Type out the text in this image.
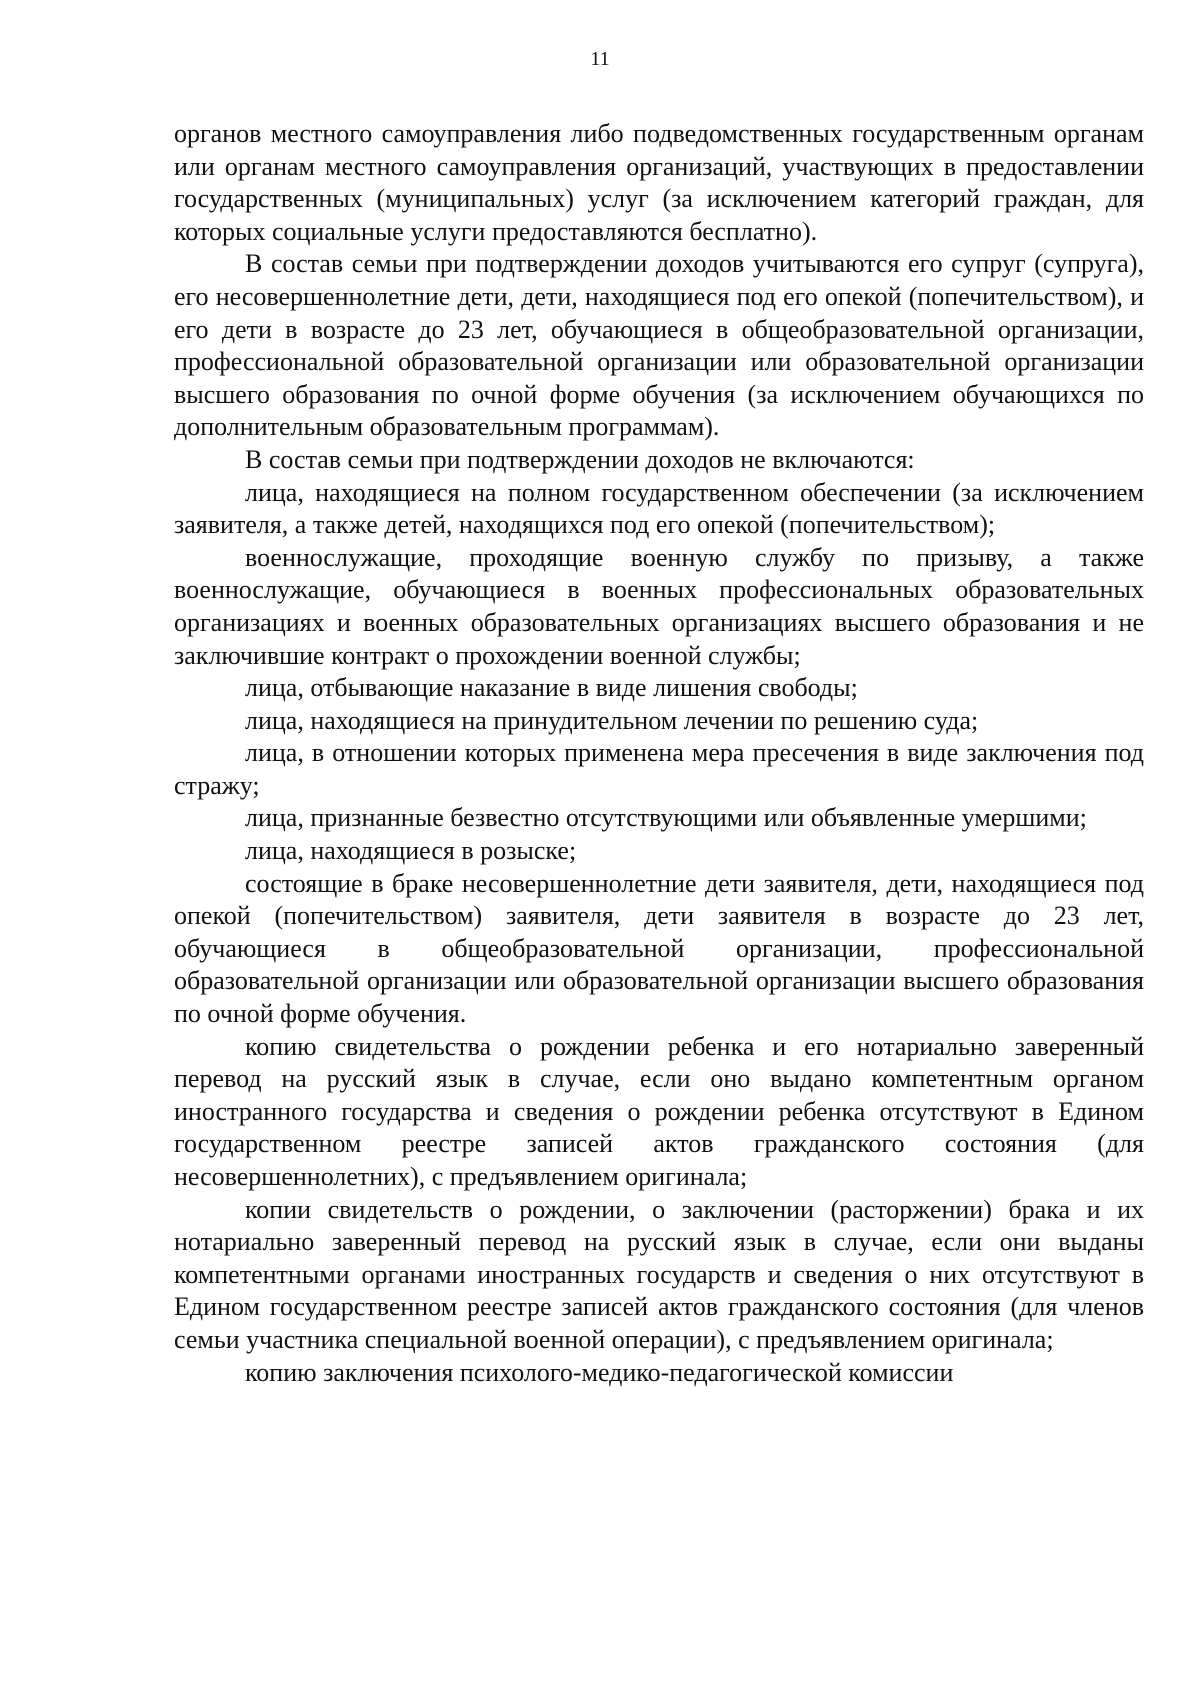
11

органов местного самоуправления либо подведомственных государственным органам или органам местного самоуправления организаций, участвующих в предоставлении государственных (муниципальных) услуг (за исключением категорий граждан, для которых социальные услуги предоставляются бесплатно).

В состав семьи при подтверждении доходов учитываются его супруг (супруга), его несовершеннолетние дети, дети, находящиеся под его опекой (попечительством), и его дети в возрасте до 23 лет, обучающиеся в общеобразовательной организации, профессиональной образовательной организации или образовательной организации высшего образования по очной форме обучения (за исключением обучающихся по дополнительным образовательным программам).

В состав семьи при подтверждении доходов не включаются:

лица, находящиеся на полном государственном обеспечении (за исключением заявителя, а также детей, находящихся под его опекой (попечительством);

военнослужащие, проходящие военную службу по призыву, а также военнослужащие, обучающиеся в военных профессиональных образовательных организациях и военных образовательных организациях высшего образования и не заключившие контракт о прохождении военной службы;

лица, отбывающие наказание в виде лишения свободы;

лица, находящиеся на принудительном лечении по решению суда;

лица, в отношении которых применена мера пресечения в виде заключения под стражу;

лица, признанные безвестно отсутствующими или объявленные умершими;

лица, находящиеся в розыске;

состоящие в браке несовершеннолетние дети заявителя, дети, находящиеся под опекой (попечительством) заявителя, дети заявителя в возрасте до 23 лет, обучающиеся в общеобразовательной организации, профессиональной образовательной организации или образовательной организации высшего образования по очной форме обучения.

копию свидетельства о рождении ребенка и его нотариально заверенный перевод на русский язык в случае, если оно выдано компетентным органом иностранного государства и сведения о рождении ребенка отсутствуют в Едином государственном реестре записей актов гражданского состояния (для несовершеннолетних), с предъявлением оригинала;

копии свидетельств о рождении, о заключении (расторжении) брака и их нотариально заверенный перевод на русский язык в случае, если они выданы компетентными органами иностранных государств и сведения о них отсутствуют в Едином государственном реестре записей актов гражданского состояния (для членов семьи участника специальной военной операции), с предъявлением оригинала;

копию заключения психолого-медико-педагогической комиссии
